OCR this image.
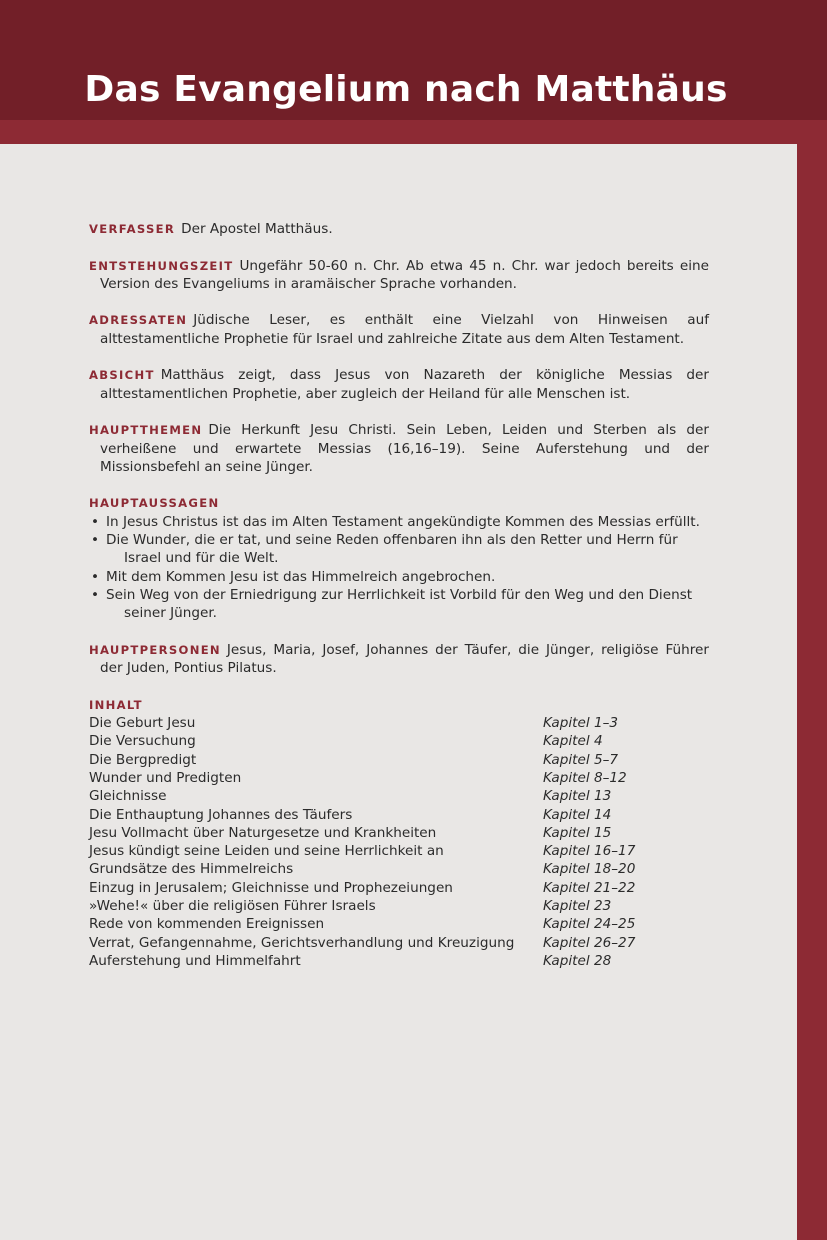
Das Evangelium nach Matthäus

VERFASSER Der Apostel Matthäus.

ENTSTEHUNGSZEIT Ungefähr 50-60 n. Chr. Ab etwa 45 n. Chr. war jedoch bereits eine Version des Evangeliums in aramäischer Sprache vorhanden.

ADRESSATEN Jüdische Leser, es enthält eine Vielzahl von Hinweisen auf alttestamentliche Prophetie für Israel und zahlreiche Zitate aus dem Alten Testament.

ABSICHT Matthäus zeigt, dass Jesus von Nazareth der königliche Messias der alttestamentlichen Prophetie, aber zugleich der Heiland für alle Menschen ist.

HAUPTTHEMEN Die Herkunft Jesu Christi. Sein Leben, Leiden und Sterben als der verheißene und erwartete Messias (16,16–19). Seine Auferstehung und der Missionsbefehl an seine Jünger.

HAUPTAUSSAGEN
• In Jesus Christus ist das im Alten Testament angekündigte Kommen des Messias erfüllt.
• Die Wunder, die er tat, und seine Reden offenbaren ihn als den Retter und Herrn für Israel und für die Welt.
• Mit dem Kommen Jesu ist das Himmelreich angebrochen.
• Sein Weg von der Erniedrigung zur Herrlichkeit ist Vorbild für den Weg und den Dienst seiner Jünger.

HAUPTPERSONEN Jesus, Maria, Josef, Johannes der Täufer, die Jünger, religiöse Führer der Juden, Pontius Pilatus.

INHALT
Die Geburt Jesu	Kapitel 1–3
Die Versuchung	Kapitel 4
Die Bergpredigt	Kapitel 5–7
Wunder und Predigten	Kapitel 8–12
Gleichnisse	Kapitel 13
Die Enthauptung Johannes des Täufers	Kapitel 14
Jesu Vollmacht über Naturgesetze und Krankheiten	Kapitel 15
Jesus kündigt seine Leiden und seine Herrlichkeit an	Kapitel 16–17
Grundsätze des Himmelreichs	Kapitel 18–20
Einzug in Jerusalem; Gleichnisse und Prophezeiungen	Kapitel 21–22
»Wehe!« über die religiösen Führer Israels	Kapitel 23
Rede von kommenden Ereignissen	Kapitel 24–25
Verrat, Gefangennahme, Gerichtsverhandlung und Kreuzigung	Kapitel 26–27
Auferstehung und Himmelfahrt	Kapitel 28
